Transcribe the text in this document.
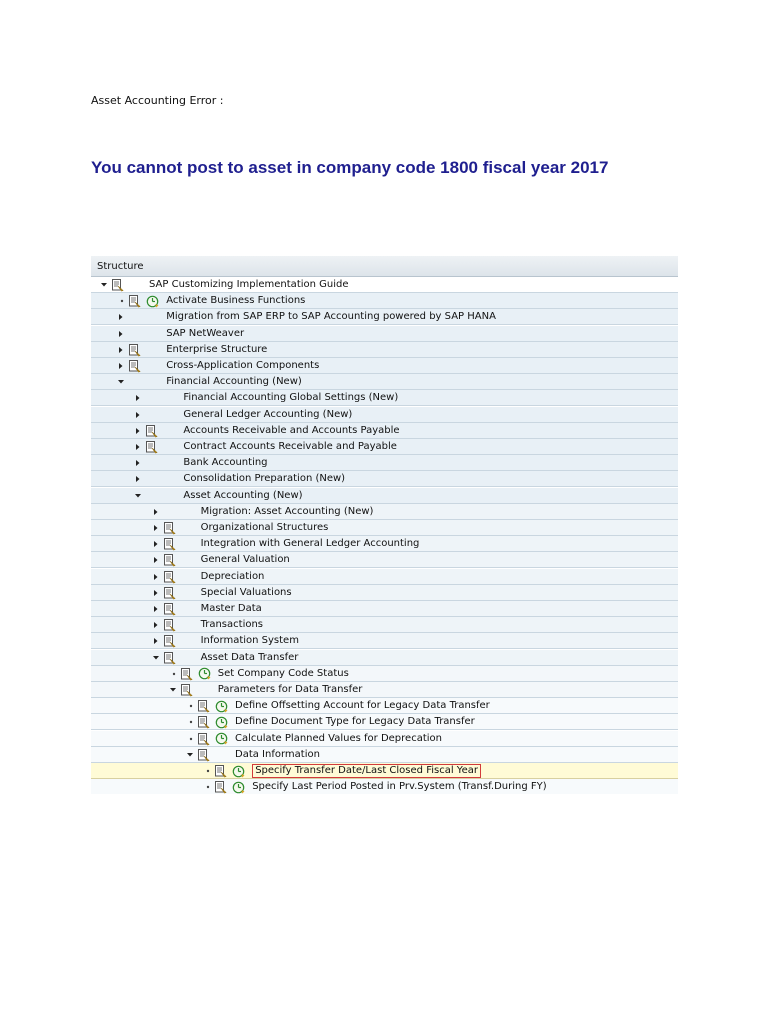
Asset Accounting Error :
You cannot post to asset in company code 1800 fiscal year 2017
Structure
SAP Customizing Implementation Guide
Activate Business Functions
Migration from SAP ERP to SAP Accounting powered by SAP HANA
SAP NetWeaver
Enterprise Structure
Cross-Application Components
Financial Accounting (New)
Financial Accounting Global Settings (New)
General Ledger Accounting (New)
Accounts Receivable and Accounts Payable
Contract Accounts Receivable and Payable
Bank Accounting
Consolidation Preparation (New)
Asset Accounting (New)
Migration: Asset Accounting (New)
Organizational Structures
Integration with General Ledger Accounting
General Valuation
Depreciation
Special Valuations
Master Data
Transactions
Information System
Asset Data Transfer
Set Company Code Status
Parameters for Data Transfer
Define Offsetting Account for Legacy Data Transfer
Define Document Type for Legacy Data Transfer
Calculate Planned Values for Deprecation
Data Information
Specify Transfer Date/Last Closed Fiscal Year
Specify Last Period Posted in Prv.System (Transf.During FY)
